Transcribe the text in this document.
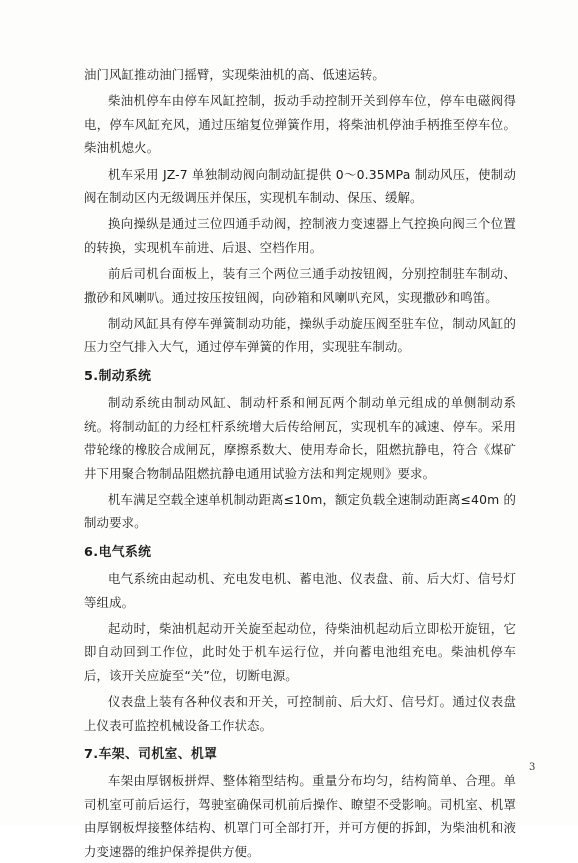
油门风缸推动油门摇臂，实现柴油机的高、低速运转。

柴油机停车由停车风缸控制，扳动手动控制开关到停车位，停车电磁阀得电，停车风缸充风，通过压缩复位弹簧作用，将柴油机停油手柄推至停车位。柴油机熄火。

机车采用 JZ-7 单独制动阀向制动缸提供 0～0.35MPa 制动风压，使制动阀在制动区内无级调压并保压，实现机车制动、保压、缓解。

换向操纵是通过三位四通手动阀，控制液力变速器上气控换向阀三个位置的转换，实现机车前进、后退、空档作用。

前后司机台面板上，装有三个两位三通手动按钮阀，分别控制驻车制动、撒砂和风喇叭。通过按压按钮阀，向砂箱和风喇叭充风，实现撒砂和鸣笛。

制动风缸具有停车弹簧制动功能，操纵手动旋压阀至驻车位，制动风缸的压力空气排入大气，通过停车弹簧的作用，实现驻车制动。

5.制动系统

制动系统由制动风缸、制动杆系和闸瓦两个制动单元组成的单侧制动系统。将制动缸的力经杠杆系统增大后传给闸瓦，实现机车的减速、停车。采用带轮缘的橡胶合成闸瓦，摩擦系数大、使用寿命长，阻燃抗静电，符合《煤矿井下用聚合物制品阻燃抗静电通用试验方法和判定规则》要求。

机车满足空载全速单机制动距离≤10m，额定负载全速制动距离≤40m 的制动要求。

6.电气系统

电气系统由起动机、充电发电机、蓄电池、仪表盘、前、后大灯、信号灯等组成。

起动时，柴油机起动开关旋至起动位，待柴油机起动后立即松开旋钮，它即自动回到工作位，此时处于机车运行位，并向蓄电池组充电。柴油机停车后，该开关应旋至“关”位，切断电源。

仪表盘上装有各种仪表和开关，可控制前、后大灯、信号灯。通过仪表盘上仪表可监控机械设备工作状态。

7.车架、司机室、机罩

车架由厚钢板拼焊、整体箱型结构。重量分布均匀，结构简单、合理。单司机室可前后运行，驾驶室确保司机前后操作、瞭望不受影响。司机室、机罩由厚钢板焊接整体结构、机罩门可全部打开，并可方便的拆卸，为柴油机和液力变速器的维护保养提供方便。

3
